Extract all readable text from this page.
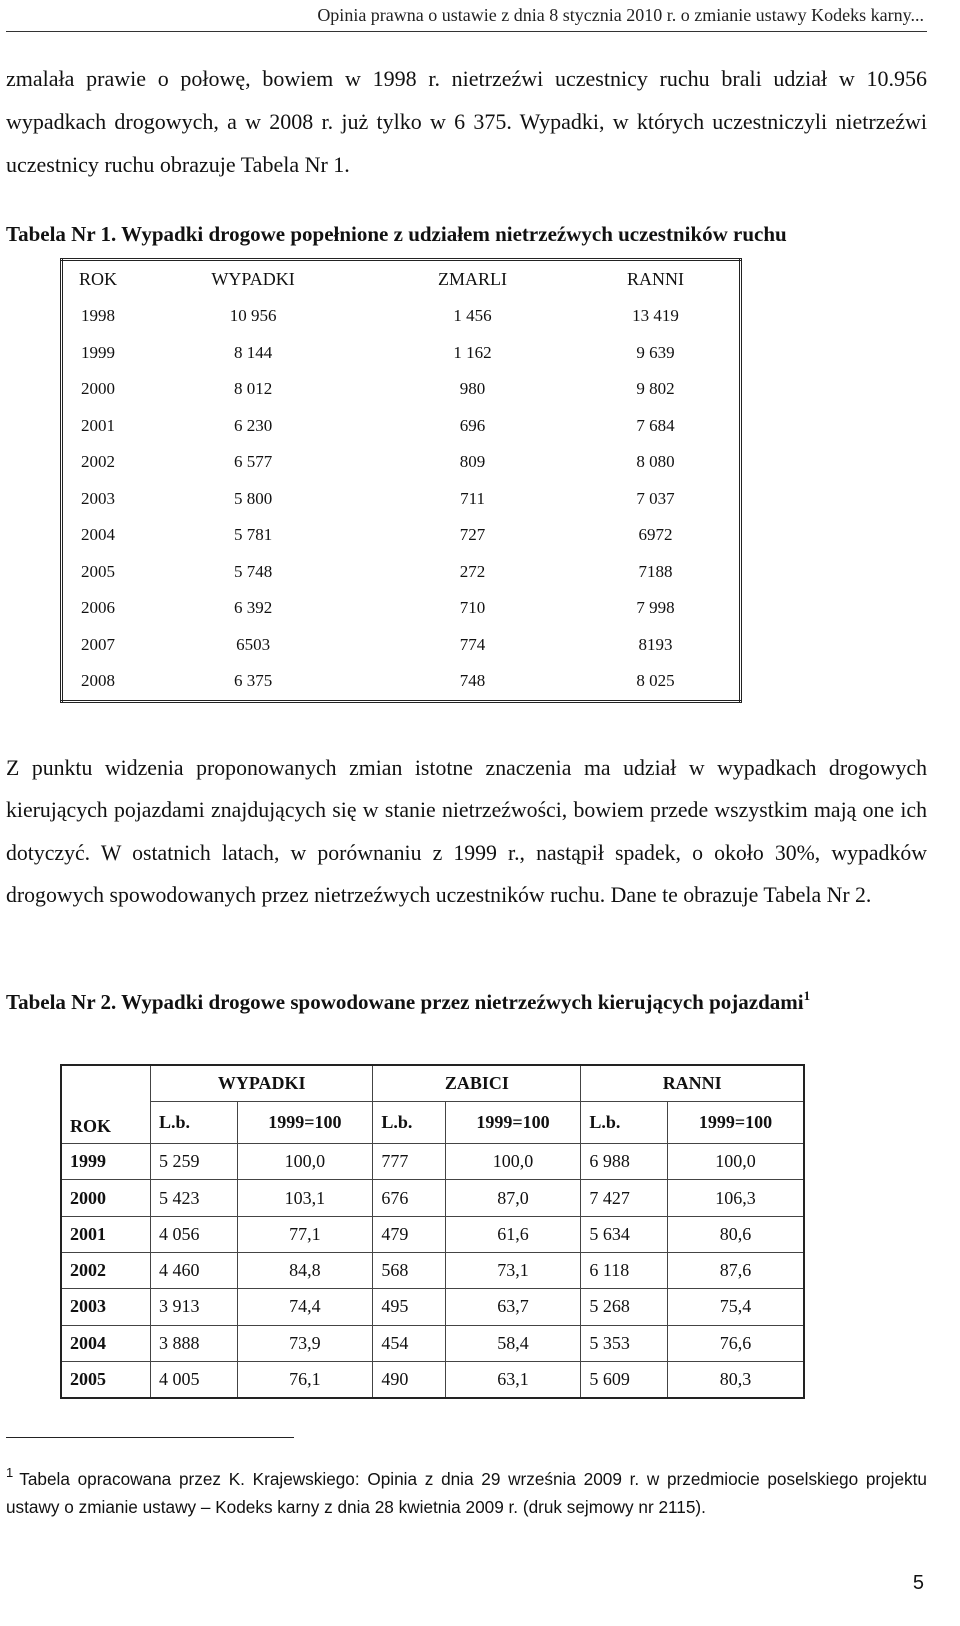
Opinia prawna o ustawie z dnia 8 stycznia 2010 r. o zmianie ustawy Kodeks karny...

zmalała prawie o połowę, bowiem w 1998 r. nietrzeźwi uczestnicy ruchu brali udział w 10.956 wypadkach drogowych, a w 2008 r. już tylko w 6 375. Wypadki, w których uczestniczyli nietrzeźwi uczestnicy ruchu obrazuje Tabela Nr 1.

Tabela Nr 1. Wypadki drogowe popełnione z udziałem nietrzeźwych uczestników ruchu

ROK	WYPADKI	ZMARLI	RANNI
1998	10 956	1 456	13 419
1999	8 144	1 162	9 639
2000	8 012	980	9 802
2001	6 230	696	7 684
2002	6 577	809	8 080
2003	5 800	711	7 037
2004	5 781	727	6972
2005	5 748	272	7188
2006	6 392	710	7 998
2007	6503	774	8193
2008	6 375	748	8 025

Z punktu widzenia proponowanych zmian istotne znaczenia ma udział w wypadkach drogowych kierujących pojazdami znajdujących się w stanie nietrzeźwości, bowiem przede wszystkim mają one ich dotyczyć. W ostatnich latach, w porównaniu z 1999 r., nastąpił spadek, o około 30%, wypadków drogowych spowodowanych przez nietrzeźwych uczestników ruchu. Dane te obrazuje Tabela Nr 2.

Tabela Nr 2. Wypadki drogowe spowodowane przez nietrzeźwych kierujących pojazdami$^1$

	WYPADKI		ZABICI		RANNI	
ROK	L.b.	1999=100	L.b.	1999=100	L.b.	1999=100
1999	5 259	100,0	777	100,0	6 988	100,0
2000	5 423	103,1	676	87,0	7 427	106,3
2001	4 056	77,1	479	61,6	5 634	80,6
2002	4 460	84,8	568	73,1	6 118	87,6
2003	3 913	74,4	495	63,7	5 268	75,4
2004	3 888	73,9	454	58,4	5 353	76,6
2005	4 005	76,1	490	63,1	5 609	80,3

$^1$ Tabela opracowana przez K. Krajewskiego: Opinia z dnia 29 września 2009 r. w przedmiocie poselskiego projektu ustawy o zmianie ustawy – Kodeks karny z dnia 28 kwietnia 2009 r. (druk sejmowy nr 2115).

5
